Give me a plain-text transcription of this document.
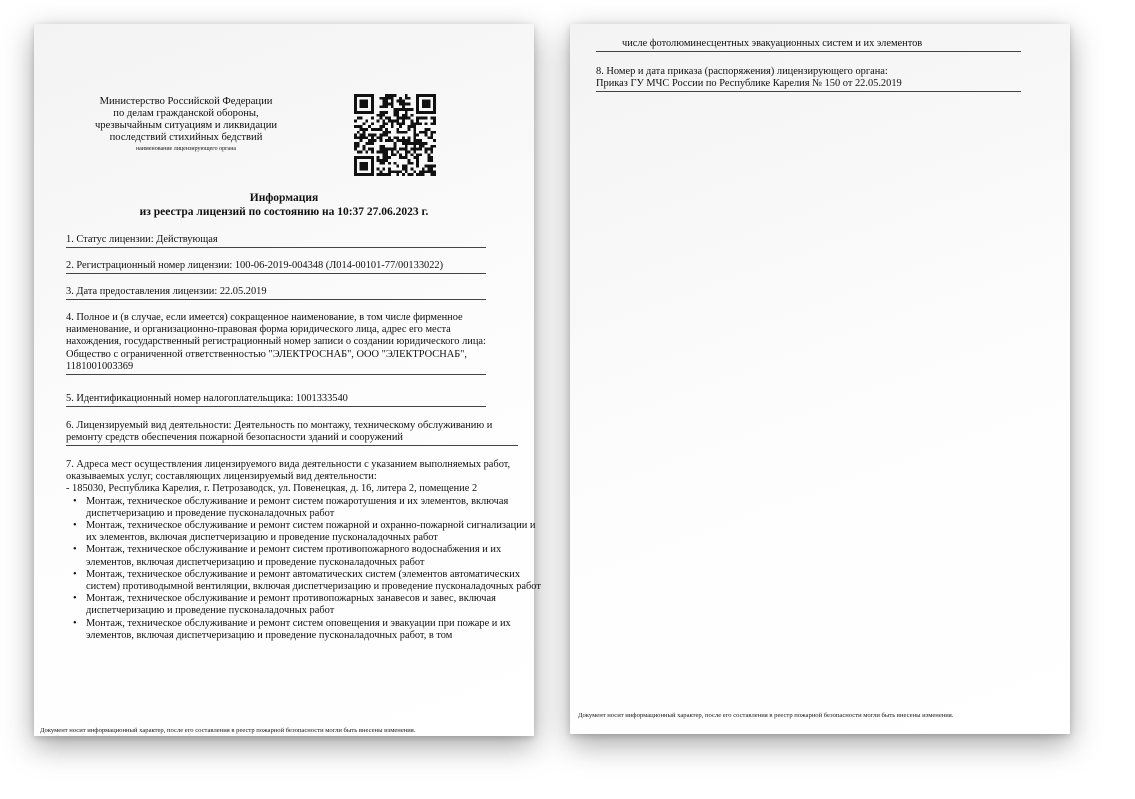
Министерство Российской Федерации
по делам гражданской обороны,
чрезвычайным ситуациям и ликвидации
последствий стихийных бедствий
наименование лицензирующего органа
Информация
из реестра лицензий по состоянию на 10:37 27.06.2023 г.
1. Статус лицензии: Действующая
2. Регистрационный номер лицензии: 100-06-2019-004348 (Л014-00101-77/00133022)
3. Дата предоставления лицензии: 22.05.2019
4. Полное и (в случае, если имеется) сокращенное наименование, в том числе фирменное наименование, и организационно-правовая форма юридического лица, адрес его места нахождения, государственный регистрационный номер записи о создании юридического лица: Общество с ограниченной ответственностью "ЭЛЕКТРОСНАБ", ООО "ЭЛЕКТРОСНАБ", 1181001003369
5. Идентификационный номер налогоплательщика: 1001333540
6. Лицензируемый вид деятельности: Деятельность по монтажу, техническому обслуживанию и ремонту средств обеспечения пожарной безопасности зданий и сооружений
7. Адреса мест осуществления лицензируемого вида деятельности с указанием выполняемых работ, оказываемых услуг, составляющих лицензируемый вид деятельности:
- 185030, Республика Карелия, г. Петрозаводск, ул. Повенецкая, д. 16, литера 2, помещение 2
• Монтаж, техническое обслуживание и ремонт систем пожаротушения и их элементов, включая диспетчеризацию и проведение пусконаладочных работ
• Монтаж, техническое обслуживание и ремонт систем пожарной и охранно-пожарной сигнализации и их элементов, включая диспетчеризацию и проведение пусконаладочных работ
• Монтаж, техническое обслуживание и ремонт систем противопожарного водоснабжения и их элементов, включая диспетчеризацию и проведение пусконаладочных работ
• Монтаж, техническое обслуживание и ремонт автоматических систем (элементов автоматических систем) противодымной вентиляции, включая диспетчеризацию и проведение пусконаладочных работ
• Монтаж, техническое обслуживание и ремонт противопожарных занавесов и завес, включая диспетчеризацию и проведение пусконаладочных работ
• Монтаж, техническое обслуживание и ремонт систем оповещения и эвакуации при пожаре и их элементов, включая диспетчеризацию и проведение пусконаладочных работ, в том
Документ носит информационный характер, после его составления в реестр пожарной безопасности могли быть внесены изменения.
числе фотолюминесцентных эвакуационных систем и их элементов
8. Номер и дата приказа (распоряжения) лицензирующего органа:
Приказ ГУ МЧС России по Республике Карелия № 150 от 22.05.2019
Документ носит информационный характер, после его составления в реестр пожарной безопасности могли быть внесены изменения.
